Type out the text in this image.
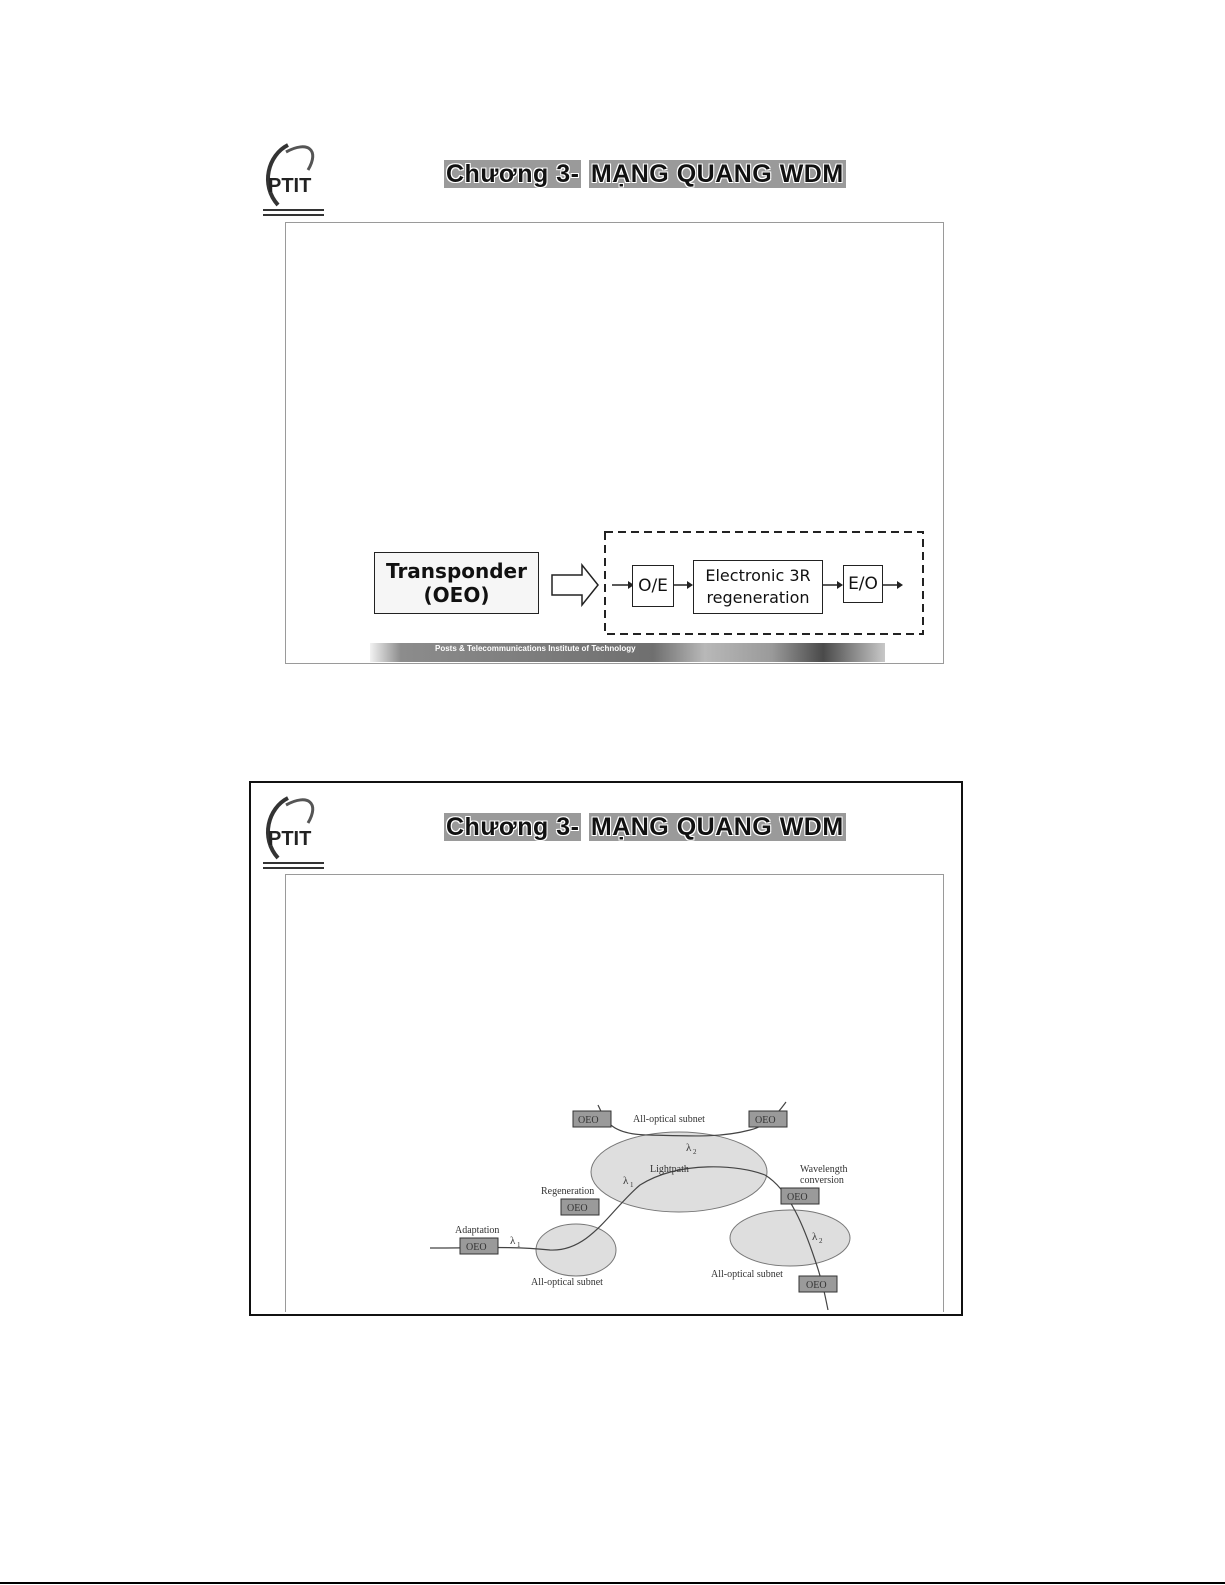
PTIT	Chương 3- MẠNG QUANG WDM
Transponder
(OEO)	O/E
Electronic 3R
regeneration
E/O
Posts & Telecommunications Institute of Technology
PTIT	Chương 3- MẠNG QUANG WDM
OEO	OEO
OEO
OEO
OEO
OEO
All-optical subnet
Lightpath	Wavelength
conversion
Regeneration
Adaptation
All-optical subnet
All-optical subnet
λ 2
λ 1
λ 1
λ 2
